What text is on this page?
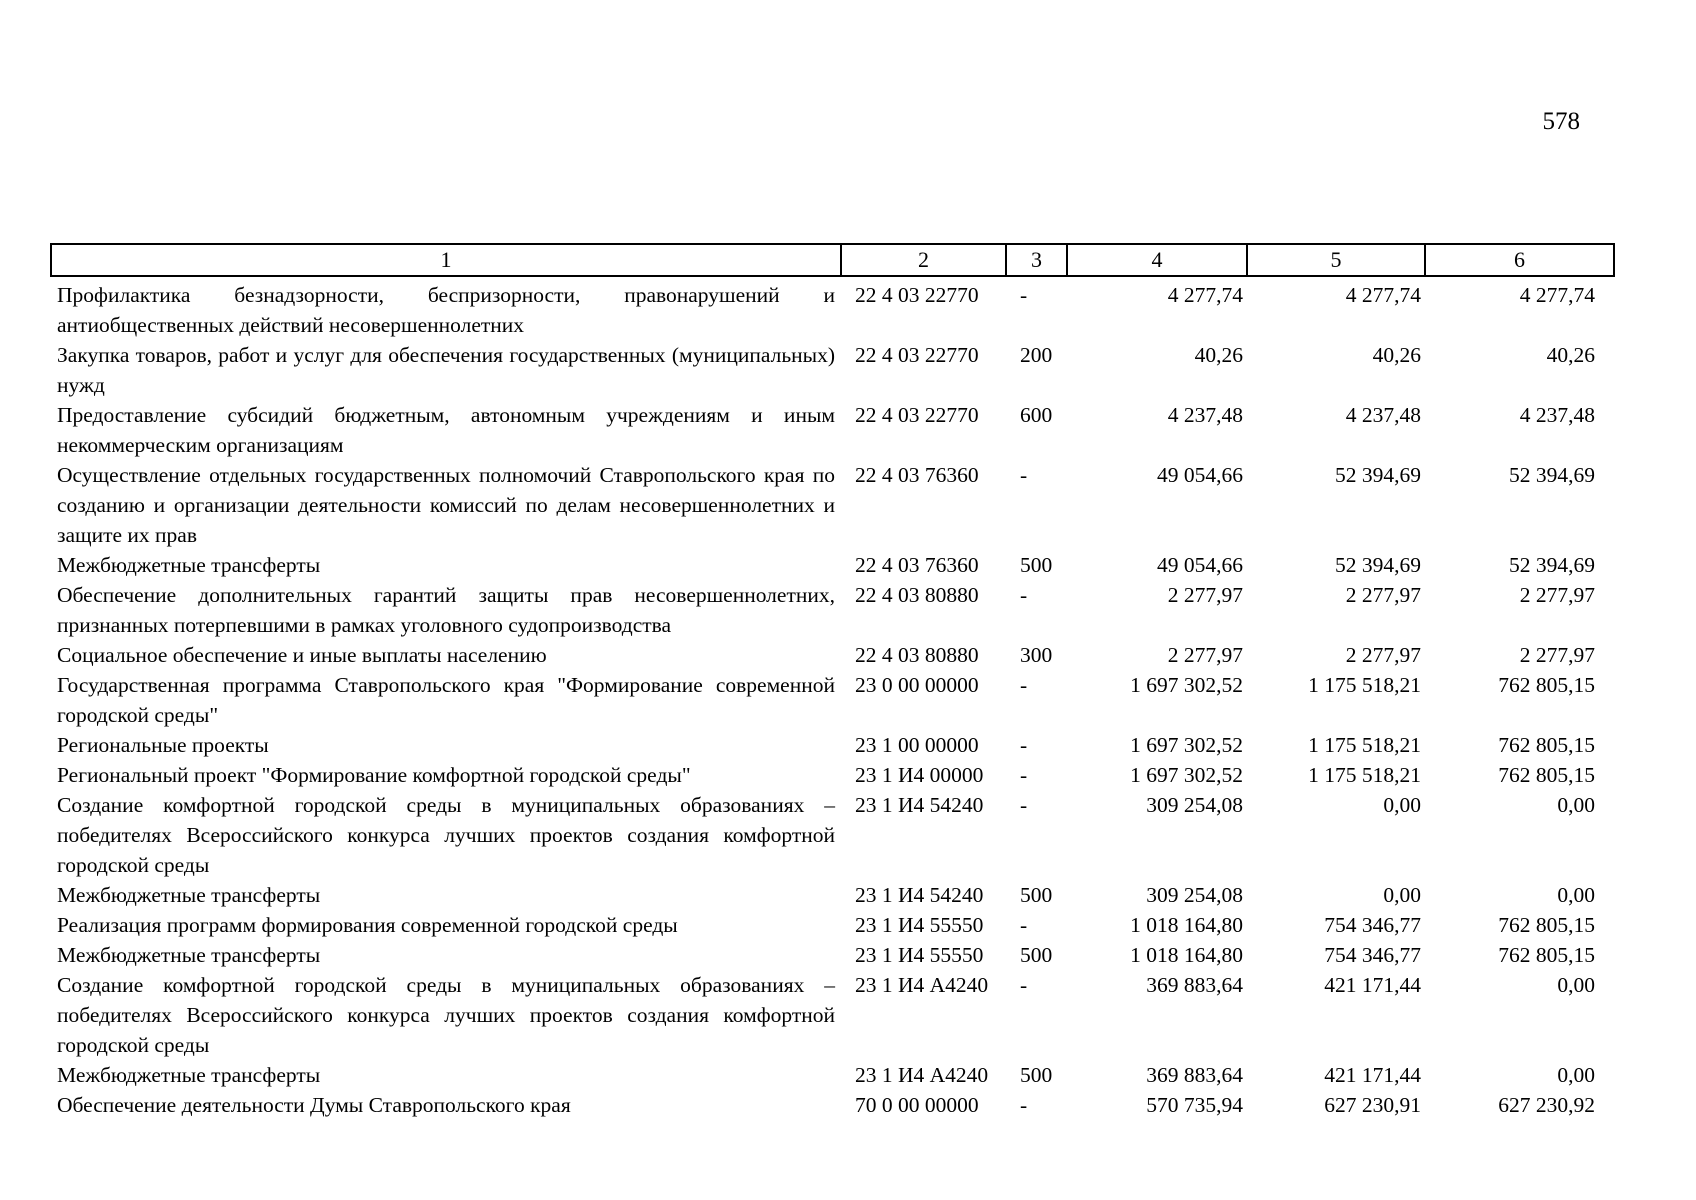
578
1	2	3	4	5	6
Профилактика безнадзорности, беспризорности, правонарушений и антиобщественных действий несовершеннолетних	22 4 03 22770	-	4 277,74	4 277,74	4 277,74
Закупка товаров, работ и услуг для обеспечения государственных (муниципальных) нужд	22 4 03 22770	200	40,26	40,26	40,26
Предоставление субсидий бюджетным, автономным учреждениям и иным некоммерческим организациям	22 4 03 22770	600	4 237,48	4 237,48	4 237,48
Осуществление отдельных государственных полномочий Ставропольского края по созданию и организации деятельности комиссий по делам несовершеннолетних и защите их прав	22 4 03 76360	-	49 054,66	52 394,69	52 394,69
Межбюджетные трансферты	22 4 03 76360	500	49 054,66	52 394,69	52 394,69
Обеспечение дополнительных гарантий защиты прав несовершеннолетних, признанных потерпевшими в рамках уголовного судопроизводства	22 4 03 80880	-	2 277,97	2 277,97	2 277,97
Социальное обеспечение и иные выплаты населению	22 4 03 80880	300	2 277,97	2 277,97	2 277,97
Государственная программа Ставропольского края "Формирование современной городской среды"	23 0 00 00000	-	1 697 302,52	1 175 518,21	762 805,15
Региональные проекты	23 1 00 00000	-	1 697 302,52	1 175 518,21	762 805,15
Региональный проект "Формирование комфортной городской среды"	23 1 И4 00000	-	1 697 302,52	1 175 518,21	762 805,15
Создание комфортной городской среды в муниципальных образованиях – победителях Всероссийского конкурса лучших проектов создания комфортной городской среды	23 1 И4 54240	-	309 254,08	0,00	0,00
Межбюджетные трансферты	23 1 И4 54240	500	309 254,08	0,00	0,00
Реализация программ формирования современной городской среды	23 1 И4 55550	-	1 018 164,80	754 346,77	762 805,15
Межбюджетные трансферты	23 1 И4 55550	500	1 018 164,80	754 346,77	762 805,15
Создание комфортной городской среды в муниципальных образованиях – победителях Всероссийского конкурса лучших проектов создания комфортной городской среды	23 1 И4 А4240	-	369 883,64	421 171,44	0,00
Межбюджетные трансферты	23 1 И4 А4240	500	369 883,64	421 171,44	0,00
Обеспечение деятельности Думы Ставропольского края	70 0 00 00000	-	570 735,94	627 230,91	627 230,92
